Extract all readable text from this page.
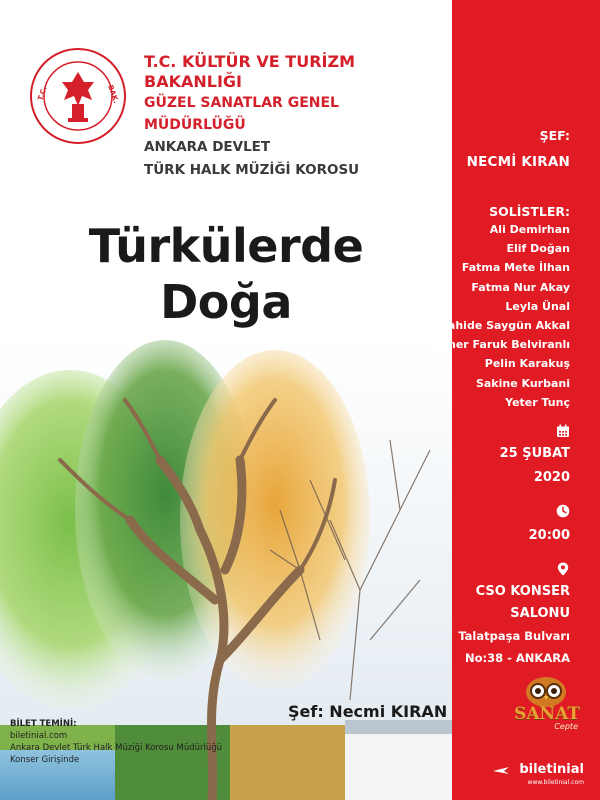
T.C.	BAK.
T.C. KÜLTÜR VE TURİZM BAKANLIĞI
GÜZEL SANATLAR GENEL MÜDÜRLÜĞÜ
ANKARA DEVLET
TÜRK HALK MÜZİĞİ KOROSU
Türkülerde
Doğa
Şef: Necmi KIRAN
BİLET TEMİNİ:
biletinial.com
Ankara Devlet Türk Halk Müziği Korosu Müdürlüğü
Konser Girişinde
ŞEF:
NECMİ KIRAN
SOLİSTLER:
Ali Demirhan
Elif Doğan
Fatma Mete İlhan
Fatma Nur Akay
Leyla Ünal
Nahide Saygün Akkal
Ömer Faruk Belviranlı
Pelin Karakuş
Sakine Kurbani
Yeter Tunç
25 ŞUBAT
2020
20:00
CSO KONSER
SALONU
Talatpaşa Bulvarı
No:38 - ANKARA
SANAT
Cepte
biletinial
www.biletinial.com
